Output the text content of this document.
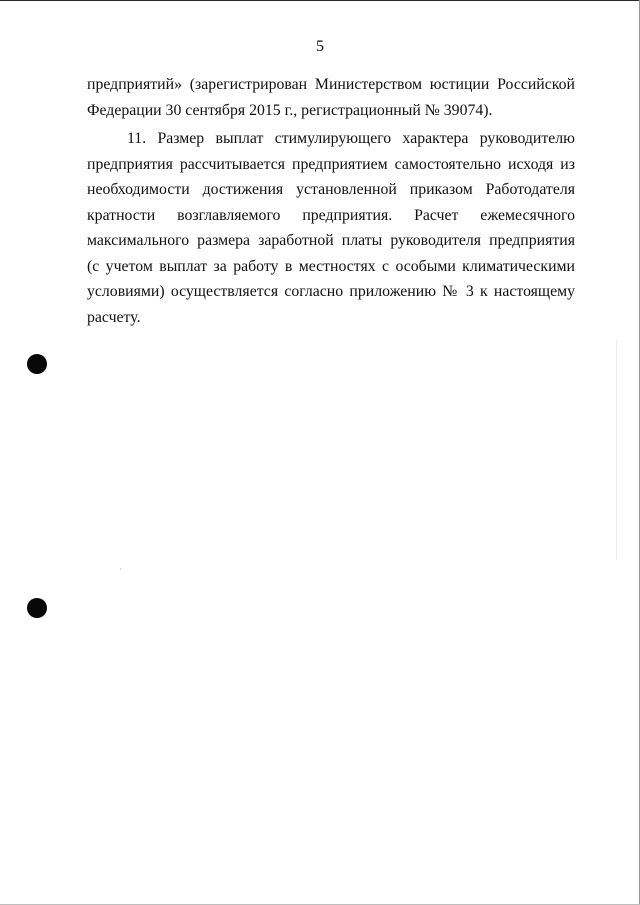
5
предприятий» (зарегистрирован Министерством юстиции Российской
Федерации 30 сентября 2015 г., регистрационный № 39074).
11. Размер выплат стимулирующего характера руководителю
предприятия рассчитывается предприятием самостоятельно исходя из
необходимости достижения установленной приказом Работодателя
кратности возглавляемого предприятия. Расчет ежемесячного
максимального размера заработной платы руководителя предприятия
(с учетом выплат за работу в местностях с особыми климатическими
условиями) осуществляется согласно приложению № 3 к настоящему
расчету.
